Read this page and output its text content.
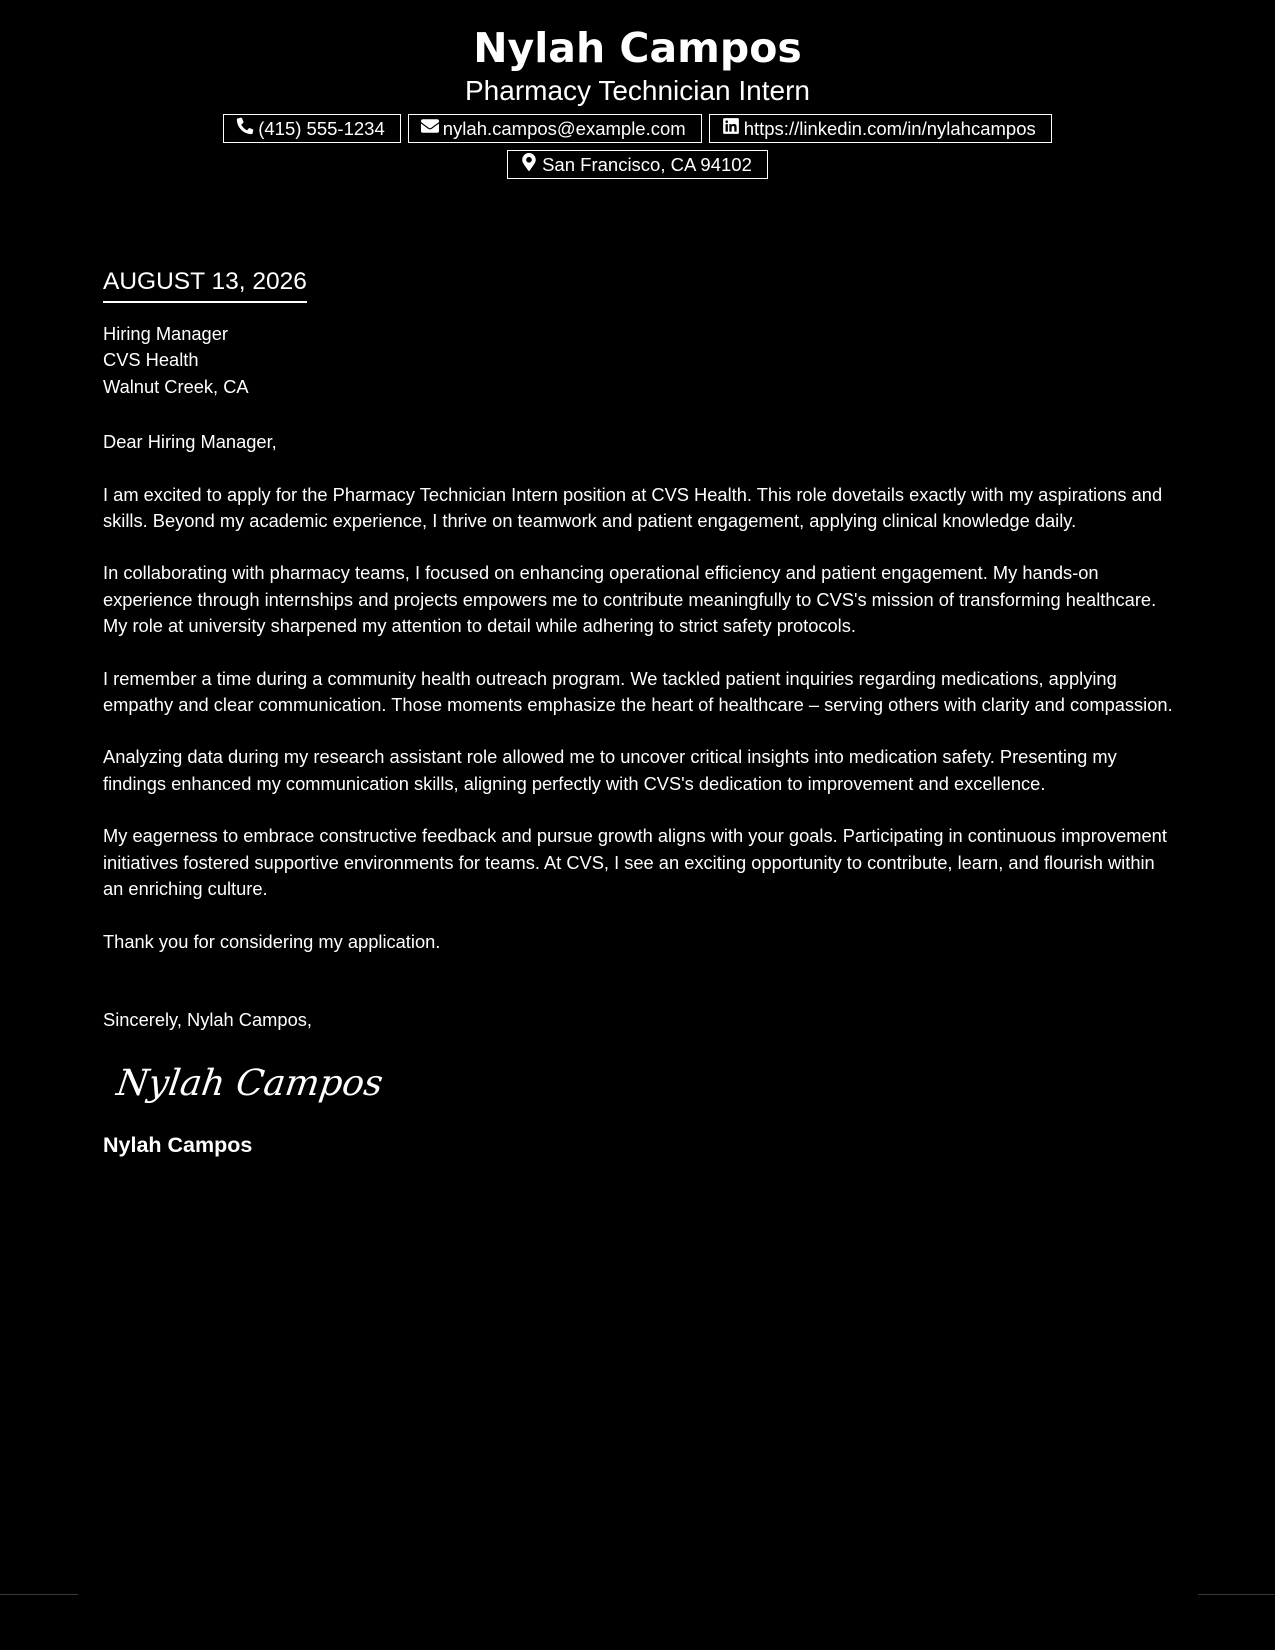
Nylah Campos
Pharmacy Technician Intern
(415) 555-1234	nylah.campos@example.com	https://linkedin.com/in/nylahcampos
San Francisco, CA 94102
AUGUST 13, 2026
Hiring Manager
CVS Health
Walnut Creek, CA
Dear Hiring Manager,

I am excited to apply for the Pharmacy Technician Intern position at CVS Health. This role dovetails exactly with my aspirations and skills. Beyond my academic experience, I thrive on teamwork and patient engagement, applying clinical knowledge daily.

In collaborating with pharmacy teams, I focused on enhancing operational efficiency and patient engagement. My hands-on experience through internships and projects empowers me to contribute meaningfully to CVS's mission of transforming healthcare. My role at university sharpened my attention to detail while adhering to strict safety protocols.

I remember a time during a community health outreach program. We tackled patient inquiries regarding medications, applying empathy and clear communication. Those moments emphasize the heart of healthcare – serving others with clarity and compassion.

Analyzing data during my research assistant role allowed me to uncover critical insights into medication safety. Presenting my findings enhanced my communication skills, aligning perfectly with CVS's dedication to improvement and excellence.

My eagerness to embrace constructive feedback and pursue growth aligns with your goals. Participating in continuous improvement initiatives fostered supportive environments for teams. At CVS, I see an exciting opportunity to contribute, learn, and flourish within an enriching culture.

Thank you for considering my application.

Sincerely, Nylah Campos,
Nylah Campos
Nylah Campos
